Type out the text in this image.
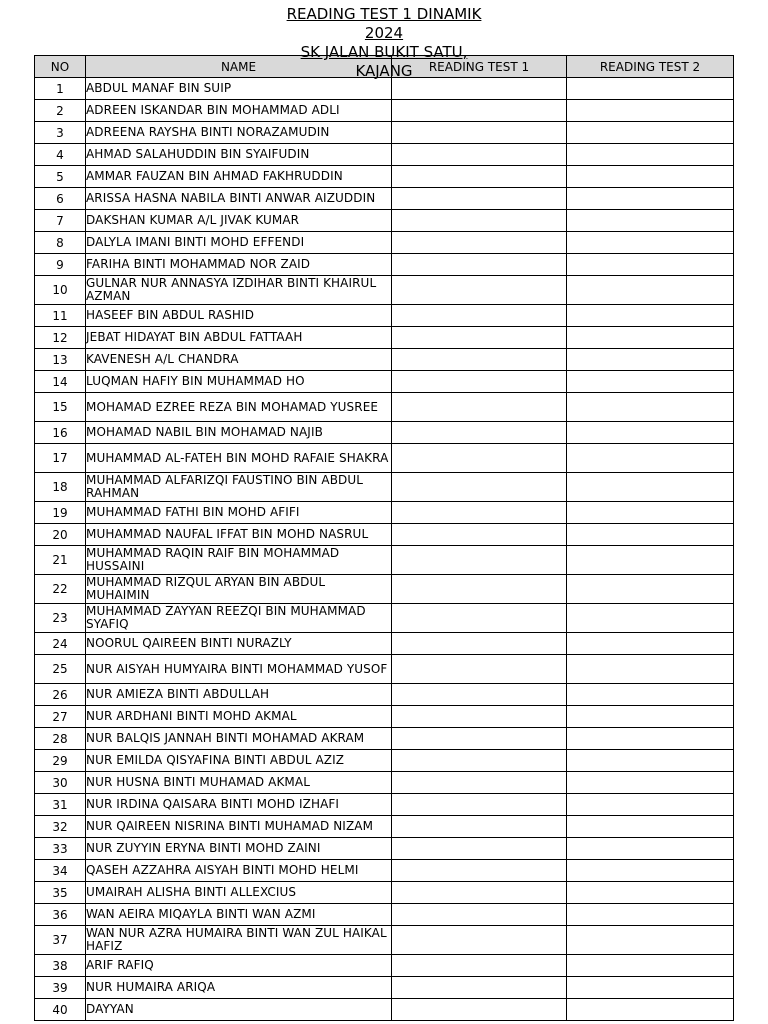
READING TEST 1 DINAMIK
2024
SK JALAN BUKIT SATU,
KAJANG
NO	NAME	READING TEST 1	READING TEST 2
1	ABDUL MANAF BIN SUIP		
2	ADREEN ISKANDAR BIN MOHAMMAD ADLI		
3	ADREENA RAYSHA BINTI NORAZAMUDIN		
4	AHMAD SALAHUDDIN BIN SYAIFUDIN		
5	AMMAR FAUZAN BIN AHMAD FAKHRUDDIN		
6	ARISSA HASNA NABILA BINTI ANWAR AIZUDDIN		
7	DAKSHAN KUMAR A/L JIVAK KUMAR		
8	DALYLA IMANI BINTI MOHD EFFENDI		
9	FARIHA BINTI MOHAMMAD NOR ZAID		
10	GULNAR NUR ANNASYA IZDIHAR BINTI KHAIRUL AZMAN		
11	HASEEF BIN ABDUL RASHID		
12	JEBAT HIDAYAT BIN ABDUL FATTAAH		
13	KAVENESH A/L CHANDRA		
14	LUQMAN HAFIY BIN MUHAMMAD HO		
15	MOHAMAD EZREE REZA BIN MOHAMAD YUSREE		
16	MOHAMAD NABIL BIN MOHAMAD NAJIB		
17	MUHAMMAD AL-FATEH BIN MOHD RAFAIE SHAKRA		
18	MUHAMMAD ALFARIZQI FAUSTINO BIN ABDUL RAHMAN		
19	MUHAMMAD FATHI BIN MOHD AFIFI		
20	MUHAMMAD NAUFAL IFFAT BIN MOHD NASRUL		
21	MUHAMMAD RAQIN RAIF BIN MOHAMMAD HUSSAINI		
22	MUHAMMAD RIZQUL ARYAN BIN ABDUL MUHAIMIN		
23	MUHAMMAD ZAYYAN REEZQI BIN MUHAMMAD SYAFIQ		
24	NOORUL QAIREEN BINTI NURAZLY		
25	NUR AISYAH HUMYAIRA BINTI MOHAMMAD YUSOF		
26	NUR AMIEZA BINTI ABDULLAH		
27	NUR ARDHANI BINTI MOHD AKMAL		
28	NUR BALQIS JANNAH BINTI MOHAMAD AKRAM		
29	NUR EMILDA QISYAFINA BINTI ABDUL AZIZ		
30	NUR HUSNA BINTI MUHAMAD AKMAL		
31	NUR IRDINA QAISARA BINTI MOHD IZHAFI		
32	NUR QAIREEN NISRINA BINTI MUHAMAD NIZAM		
33	NUR ZUYYIN ERYNA BINTI MOHD ZAINI		
34	QASEH AZZAHRA AISYAH BINTI MOHD HELMI		
35	UMAIRAH ALISHA BINTI ALLEXCIUS		
36	WAN AEIRA MIQAYLA BINTI WAN AZMI		
37	WAN NUR AZRA HUMAIRA BINTI WAN ZUL HAIKAL HAFIZ		
38	ARIF RAFIQ		
39	NUR HUMAIRA ARIQA		
40	DAYYAN		
